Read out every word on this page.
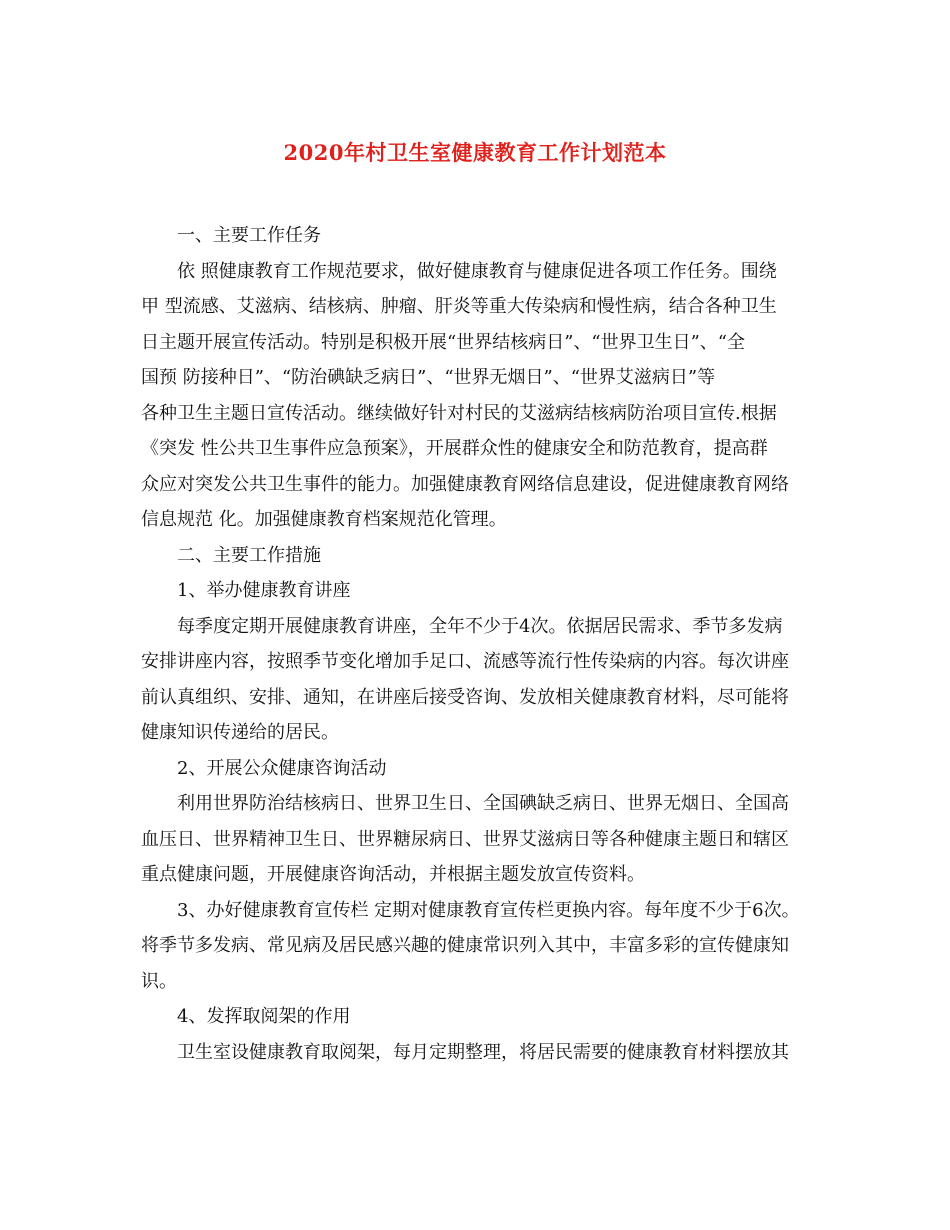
2020年村卫生室健康教育工作计划范本
一、主要工作任务
依 照健康教育工作规范要求，做好健康教育与健康促进各项工作任务。围绕
甲 型流感、艾滋病、结核病、肿瘤、肝炎等重大传染病和慢性病，结合各种卫生
日主题开展宣传活动。特别是积极开展“世界结核病日”、“世界卫生日”、“全
国预 防接种日”、“防治碘缺乏病日”、“世界无烟日”、“世界艾滋病日”等
各种卫生主题日宣传活动。继续做好针对村民的艾滋病结核病防治项目宣传.根据
《突发 性公共卫生事件应急预案》，开展群众性的健康安全和防范教育，提高群
众应对突发公共卫生事件的能力。加强健康教育网络信息建设，促进健康教育网络
信息规范 化。加强健康教育档案规范化管理。
二、主要工作措施
1、举办健康教育讲座
每季度定期开展健康教育讲座，全年不少于4次。依据居民需求、季节多发病
安排讲座内容，按照季节变化增加手足口、流感等流行性传染病的内容。每次讲座
前认真组织、安排、通知，在讲座后接受咨询、发放相关健康教育材料，尽可能将
健康知识传递给的居民。
2、开展公众健康咨询活动
利用世界防治结核病日、世界卫生日、全国碘缺乏病日、世界无烟日、全国高
血压日、世界精神卫生日、世界糖尿病日、世界艾滋病日等各种健康主题日和辖区
重点健康问题，开展健康咨询活动，并根据主题发放宣传资料。
3、办好健康教育宣传栏 定期对健康教育宣传栏更换内容。每年度不少于6次。
将季节多发病、常见病及居民感兴趣的健康常识列入其中，丰富多彩的宣传健康知
识。
4、发挥取阅架的作用
卫生室设健康教育取阅架，每月定期整理，将居民需要的健康教育材料摆放其
